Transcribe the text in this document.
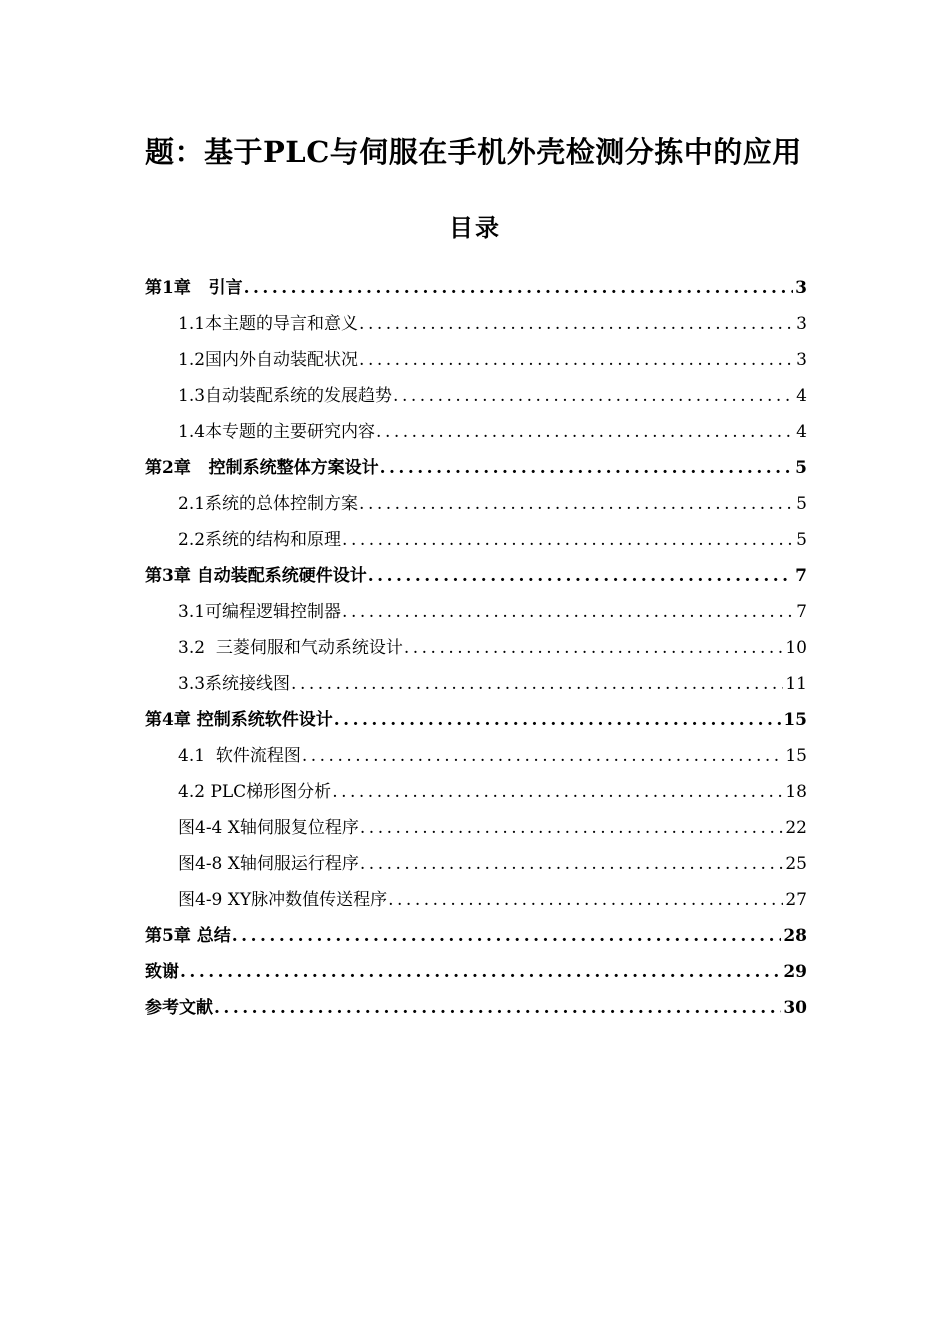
题：基于PLC与伺服在手机外壳检测分拣中的应用
目录
第1章   引言 .....	3
1.1本主题的导言和意义 .....	3
1.2国内外自动装配状况 .....	3
1.3自动装配系统的发展趋势 .....	4
1.4本专题的主要研究内容 .....	4
第2章   控制系统整体方案设计 .....	5
2.1系统的总体控制方案 .....	5
2.2系统的结构和原理 .....	5
第3章 自动装配系统硬件设计 .....	7
3.1可编程逻辑控制器 .....	7
3.2  三菱伺服和气动系统设计 .....	10
3.3系统接线图 .....	11
第4章 控制系统软件设计 .....	15
4.1  软件流程图 .....	15
4.2 PLC梯形图分析 .....	18
图4-4 X轴伺服复位程序 .....	22
图4-8 X轴伺服运行程序 .....	25
图4-9 XY脉冲数值传送程序 .....	27
第5章 总结 .....	28
致谢 .....	29
参考文献 .....	30
